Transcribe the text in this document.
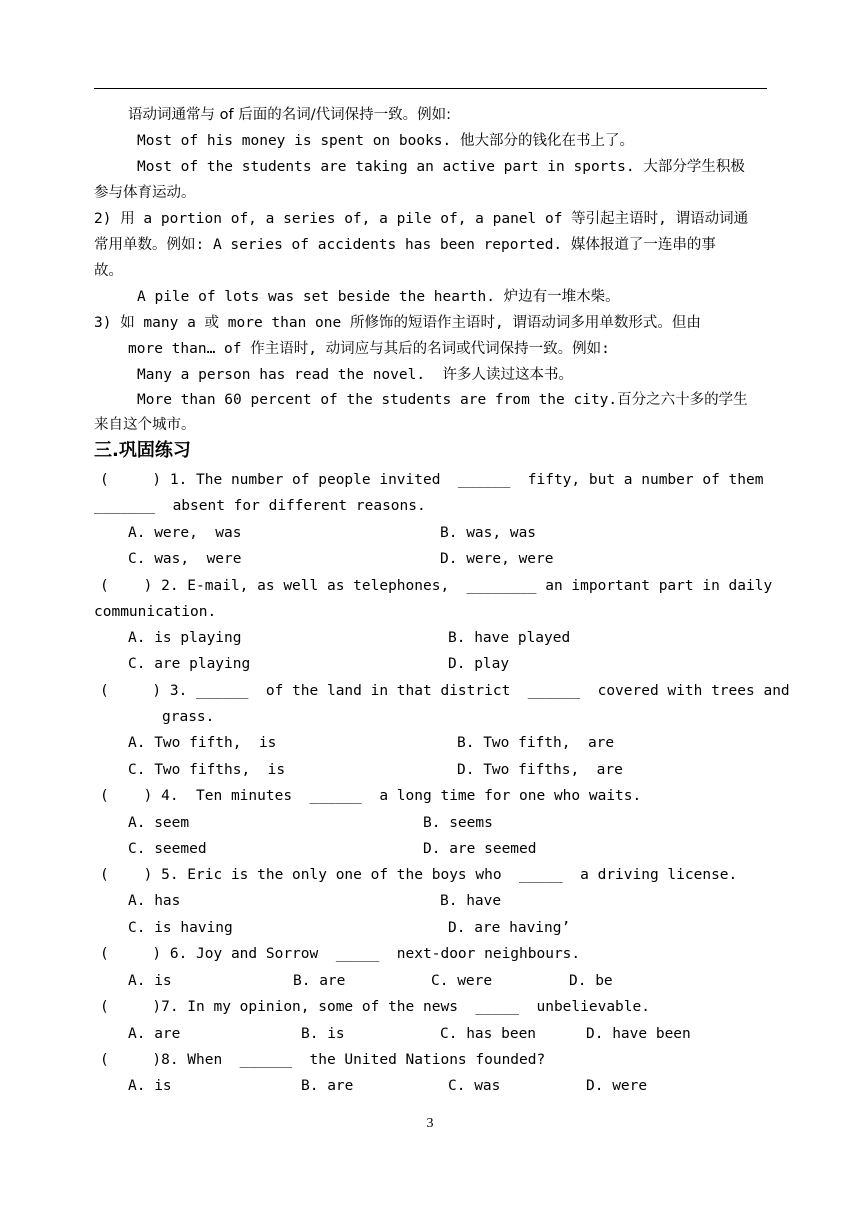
语动词通常与 of 后面的名词/代词保持一致。例如:
Most of his money is spent on books. 他大部分的钱化在书上了。
Most of the students are taking an active part in sports. 大部分学生积极
参与体育运动。
2) 用 a portion of, a series of, a pile of, a panel of 等引起主语时, 谓语动词通
常用单数。例如: A series of accidents has been reported. 媒体报道了一连串的事
故。
A pile of lots was set beside the hearth. 炉边有一堆木柴。
3) 如 many a 或 more than one 所修饰的短语作主语时, 谓语动词多用单数形式。但由
more than… of 作主语时, 动词应与其后的名词或代词保持一致。例如:
Many a person has read the novel.  许多人读过这本书。
More than 60 percent of the students are from the city.百分之六十多的学生
来自这个城市。
三.巩固练习
(     ) 1. The number of people invited  ______  fifty, but a number of them
_______  absent for different reasons.
A. were,  was	B. was, was
C. was,  were	D. were, were
(    ) 2. E-mail, as well as telephones,  ________ an important part in daily
communication.
A. is playing	B. have played
C. are playing	D. play
(     ) 3. ______  of the land in that district  ______  covered with trees and
grass.
A. Two fifth,  is	B. Two fifth,  are
C. Two fifths,  is	D. Two fifths,  are
(    ) 4.  Ten minutes  ______  a long time for one who waits.
A. seem	B. seems
C. seemed	D. are seemed
(    ) 5. Eric is the only one of the boys who  _____  a driving license.
A. has	B. have
C. is having	D. are having’
(     ) 6. Joy and Sorrow  _____  next-door neighbours.
A. is	B. are	C. were	D. be
(     )7. In my opinion, some of the news  _____  unbelievable.
A. are	B. is	C. has been	D. have been
(     )8. When  ______  the United Nations founded?
A. is	B. are	C. was	D. were
3
